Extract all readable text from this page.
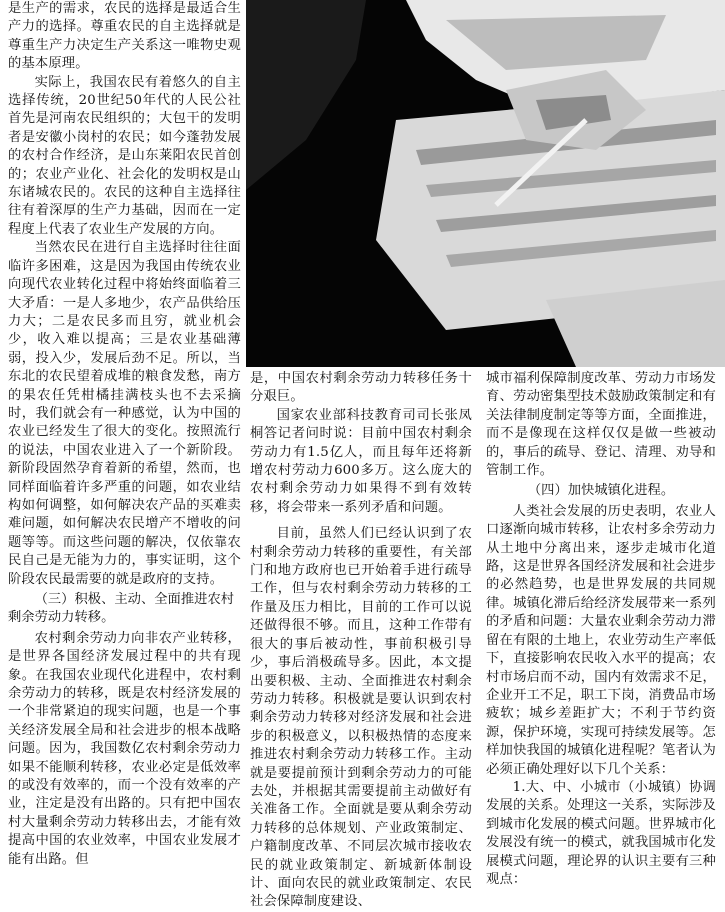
是生产的需求，农民的选择是最适合生产力的选择。尊重农民的自主选择就是尊重生产力决定生产关系这一唯物史观的基本原理。

实际上，我国农民有着悠久的自主选择传统，20世纪50年代的人民公社首先是河南农民组织的；大包干的发明者是安徽小岗村的农民；如今蓬勃发展的农村合作经济，是山东莱阳农民首创的；农业产业化、社会化的发明权是山东诸城农民的。农民的这种自主选择往往有着深厚的生产力基础，因而在一定程度上代表了农业生产发展的方向。

当然农民在进行自主选择时往往面临许多困难，这是因为我国由传统农业向现代农业转化过程中将始终面临着三大矛盾：一是人多地少，农产品供给压力大；二是农民多而且穷，就业机会少，收入难以提高；三是农业基础薄弱，投入少，发展后劲不足。所以，当东北的农民望着成堆的粮食发愁，南方的果农任凭柑橘挂满枝头也不去采摘时，我们就会有一种感觉，认为中国的农业已经发生了很大的变化。按照流行的说法，中国农业进入了一个新阶段。新阶段固然孕育着新的希望，然而，也同样面临着许多严重的问题，如农业结构如何调整，如何解决农产品的买难卖难问题，如何解决农民增产不增收的问题等等。而这些问题的解决，仅依靠农民自己是无能为力的，事实证明，这个阶段农民最需要的就是政府的支持。

（三）积极、主动、全面推进农村剩余劳动力转移。

农村剩余劳动力向非农产业转移，是世界各国经济发展过程中的共有现象。在我国农业现代化进程中，农村剩余劳动力的转移，既是农村经济发展的一个非常紧迫的现实问题，也是一个事关经济发展全局和社会进步的根本战略问题。因为，我国数亿农村剩余劳动力如果不能顺利转移，农业必定是低效率的或没有效率的，而一个没有效率的产业，注定是没有出路的。只有把中国农村大量剩余劳动力转移出去，才能有效提高中国的农业效率，中国农业发展才能有出路。但

是，中国农村剩余劳动力转移任务十分艰巨。

国家农业部科技教育司司长张凤桐答记者问时说：目前中国农村剩余劳动力有1.5亿人，而且每年还将新增农村劳动力600多万。这么庞大的农村剩余劳动力如果得不到有效转移，将会带来一系列矛盾和问题。

目前，虽然人们已经认识到了农村剩余劳动力转移的重要性，有关部门和地方政府也已开始着手进行疏导工作，但与农村剩余劳动力转移的工作量及压力相比，目前的工作可以说还做得很不够。而且，这种工作带有很大的事后被动性，事前积极引导少，事后消极疏导多。因此，本文提出要积极、主动、全面推进农村剩余劳动力转移。积极就是要认识到农村剩余劳动力转移对经济发展和社会进步的积极意义，以积极热情的态度来推进农村剩余劳动力转移工作。主动就是要提前预计到剩余劳动力的可能去处，并根据其需要提前主动做好有关准备工作。全面就是要从剩余劳动力转移的总体规划、产业政策制定、户籍制度改革、不同层次城市接收农民的就业政策制定、新城新体制设计、面向农民的就业政策制定、农民社会保障制度建设、

城市福利保障制度改革、劳动力市场发育、劳动密集型技术鼓励政策制定和有关法律制度制定等等方面，全面推进，而不是像现在这样仅仅是做一些被动的，事后的疏导、登记、清理、劝导和管制工作。

（四）加快城镇化进程。

人类社会发展的历史表明，农业人口逐渐向城市转移，让农村多余劳动力从土地中分离出来，逐步走城市化道路，这是世界各国经济发展和社会进步的必然趋势，也是世界发展的共同规律。城镇化滞后给经济发展带来一系列的矛盾和问题：大量农业剩余劳动力滞留在有限的土地上，农业劳动生产率低下，直接影响农民收入水平的提高；农村市场启而不动，国内有效需求不足，企业开工不足，职工下岗，消费品市场疲软；城乡差距扩大；不利于节约资源，保护环境，实现可持续发展等。怎样加快我国的城镇化进程呢？笔者认为必须正确处理好以下几个关系：

1.大、中、小城市（小城镇）协调发展的关系。处理这一关系，实际涉及到城市化发展的模式问题。世界城市化发展没有统一的模式，就我国城市化发展模式问题，理论界的认识主要有三种观点：
